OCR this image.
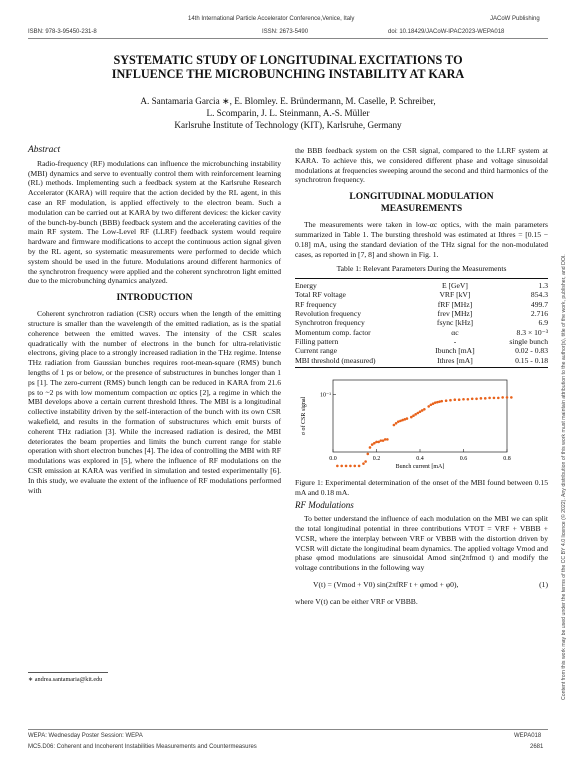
14th International Particle Accelerator Conference,Venice, Italy	JACoW Publishing
ISBN: 978-3-95450-231-8	ISSN: 2673-5490	doi: 10.18429/JACoW-IPAC2023-WEPA018
SYSTEMATIC STUDY OF LONGITUDINAL EXCITATIONS TO
INFLUENCE THE MICROBUNCHING INSTABILITY AT KARA
A. Santamaria Garcia ∗, E. Blomley. E. Bründermann, M. Caselle, P. Schreiber,
L. Scomparin, J. L. Steinmann, A.-S. Müller
Karlsruhe Institute of Technology (KIT), Karlsruhe, Germany
Abstract

Radio-frequency (RF) modulations can influence the microbunching instability (MBI) dynamics and serve to eventually control them with reinforcement learning (RL) methods. Implementing such a feedback system at the Karlsruhe Research Accelerator (KARA) will require that the action decided by the RL agent, in this case an RF modulation, is applied effectively to the electron beam. Such a modulation can be carried out at KARA by two different devices: the kicker cavity of the bunch-by-bunch (BBB) feedback system and the accelerating cavities of the main RF system. The Low-Level RF (LLRF) feedback system would require hardware and firmware modifications to accept the continuous action signal given by the RL agent, so systematic measurements were performed to decide which system should be used in the future. Modulations around different harmonics of the synchrotron frequency were applied and the coherent synchrotron light emitted due to the microbunching dynamics analyzed.

INTRODUCTION

Coherent synchrotron radiation (CSR) occurs when the length of the emitting structure is smaller than the wavelength of the emitted radiation, as is the spatial coherence between the emitted waves. The intensity of the CSR scales quadratically with the number of electrons in the bunch for ultra-relativistic electrons, giving place to a strongly increased radiation in the THz regime. Intense THz radiation from Gaussian bunches requires root-mean-square (RMS) bunch lengths of 1 ps or below, or the presence of substructures in bunches longer than 1 ps [1]. The zero-current (RMS) bunch length can be reduced in KARA from 21.6 ps to ~2 ps with low momentum compaction αc optics [2], a regime in which the MBI develops above a certain current threshold Ithres. The MBI is a longitudinal collective instability driven by the self-interaction of the bunch with its own CSR wakefield, and results in the formation of substructures which emit bursts of coherent THz radiation [3]. While the increased radiation is desired, the MBI deteriorates the beam properties and limits the bunch current range for stable operation with short electron bunches [4]. The idea of controlling the MBI with RF modulations was explored in [5], where the influence of RF modulations on the CSR emission at KARA was verified in simulation and tested experimentally [6]. In this study, we evaluate the extent of the influence of RF modulations performed with

the BBB feedback system on the CSR signal, compared to the LLRF system at KARA. To achieve this, we considered different phase and voltage sinusoidal modulations at frequencies sweeping around the second and third harmonics of the synchrotron frequency.

LONGITUDINAL MODULATION
MEASUREMENTS

The measurements were taken in low-αc optics, with the main parameters summarized in Table 1. The bursting threshold was estimated at Ithres = [0.15 − 0.18] mA, using the standard deviation of the THz signal for the non-modulated cases, as reported in [7, 8] and shown in Fig. 1.

Table 1: Relevant Parameters During the Measurements
Energy	E [GeV]	1.3
Total RF voltage	VRF [kV]	854.3
RF frequency	fRF [MHz]	499.7
Revolution frequency	frev [MHz]	2.716
Synchrotron frequency	fsync [kHz]	6.9
Momentum comp. factor	αc	8.3 × 10⁻³
Filling pattern	-	single bunch
Current range	Ibunch [mA]	0.02 - 0.83
MBI threshold (measured)	Ithres [mA]	0.15 - 0.18
0.0	0.2	0.4	0.6	0.8
10⁻¹
Bunch current [mA]
σ of CSR signal
Figure 1: Experimental determination of the onset of the MBI found between 0.15 mA and 0.18 mA.
RF Modulations

To better understand the influence of each modulation on the MBI we can split the total longitudinal potential in three contributions VTOT = VRF + VBBB + VCSR, where the interplay between VRF or VBBB with the distortion driven by VCSR will dictate the longitudinal beam dynamics. The applied voltage Vmod and phase φmod modulations are sinusoidal Amod sin(2πfmod t) and modify the voltage contributions in the following way

V(t) = (Vmod + V0) sin(2πfRF t + φmod + φ0),	(1)

where V(t) can be either VRF or VBBB.

∗ andrea.santamaria@kit.edu
WEPA: Wednesday Poster Session: WEPA	WEPA018
MC5.D06: Coherent and Incoherent Instabilities Measurements and Countermeasures	2681
Content from this work may be used under the terms of the CC BY 4.0 licence (© 2022). Any distribution of this work must maintain attribution to the author(s), title of the work, publisher, and DOI.
